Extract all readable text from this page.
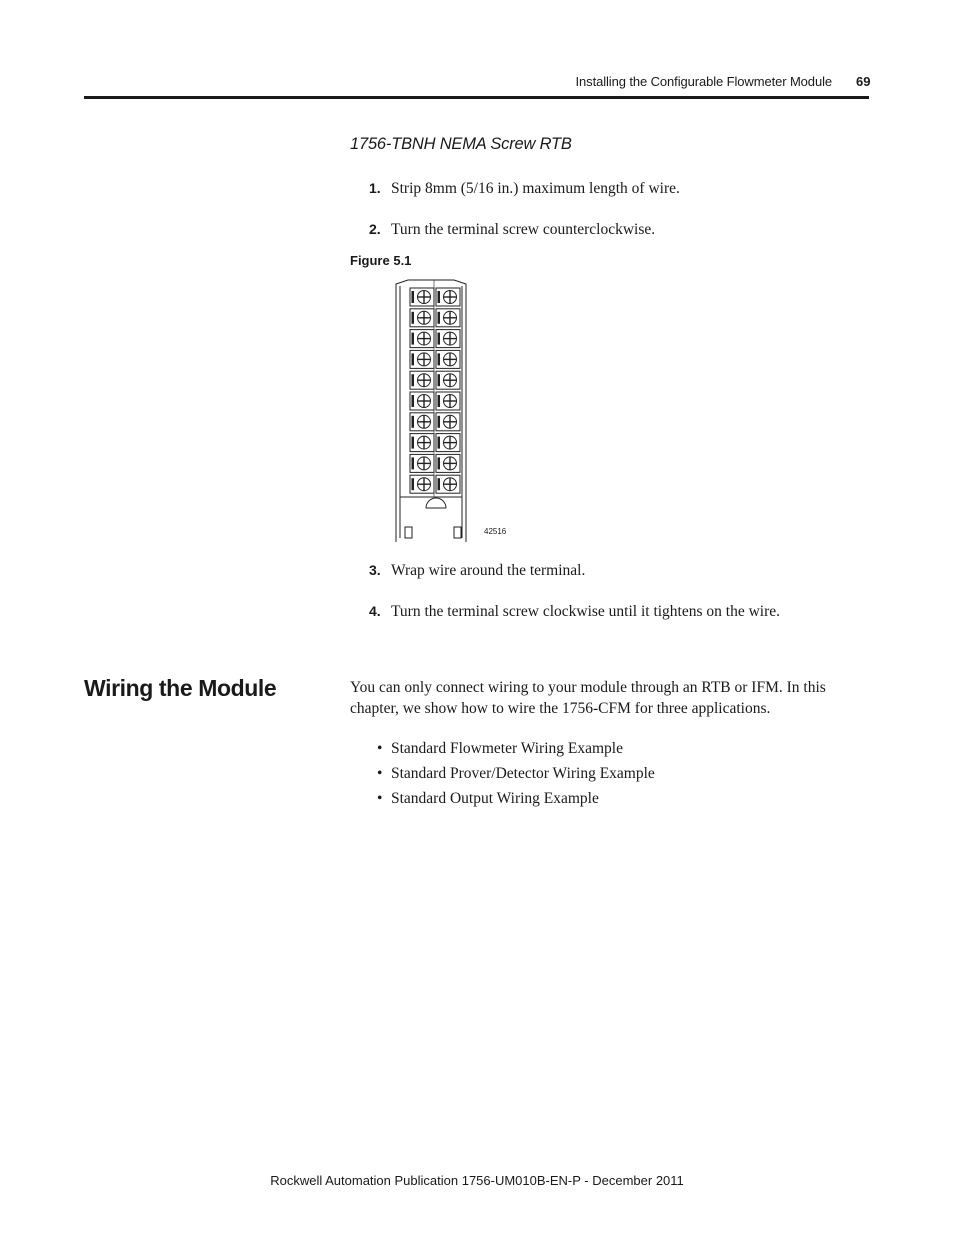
Installing the Configurable Flowmeter Module 69
1756-TBNH NEMA Screw RTB
1. Strip 8mm (5/16 in.) maximum length of wire.
2. Turn the terminal screw counterclockwise.
Figure 5.1
42516
3. Wrap wire around the terminal.
4. Turn the terminal screw clockwise until it tightens on the wire.
Wiring the Module	You can only connect wiring to your module through an RTB or IFM. In this chapter, we show how to wire the 1756-CFM for three applications.

• Standard Flowmeter Wiring Example
• Standard Prover/Detector Wiring Example
• Standard Output Wiring Example
Rockwell Automation Publication 1756-UM010B-EN-P - December 2011
